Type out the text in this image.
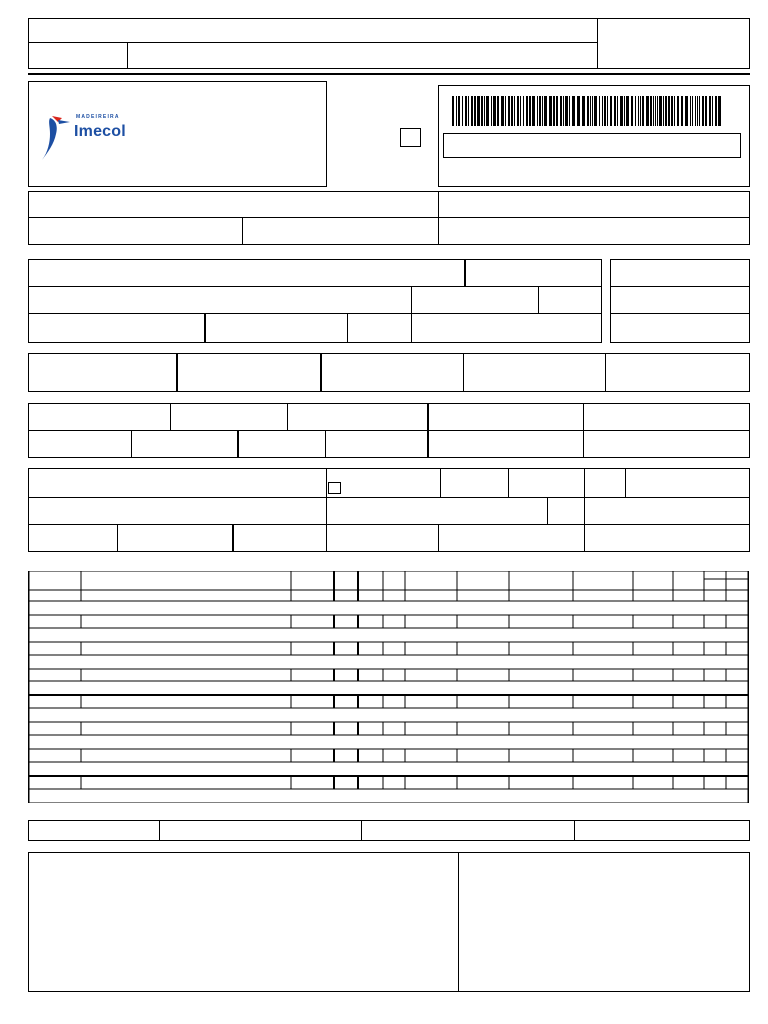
MADEIREIRA
Imecol
